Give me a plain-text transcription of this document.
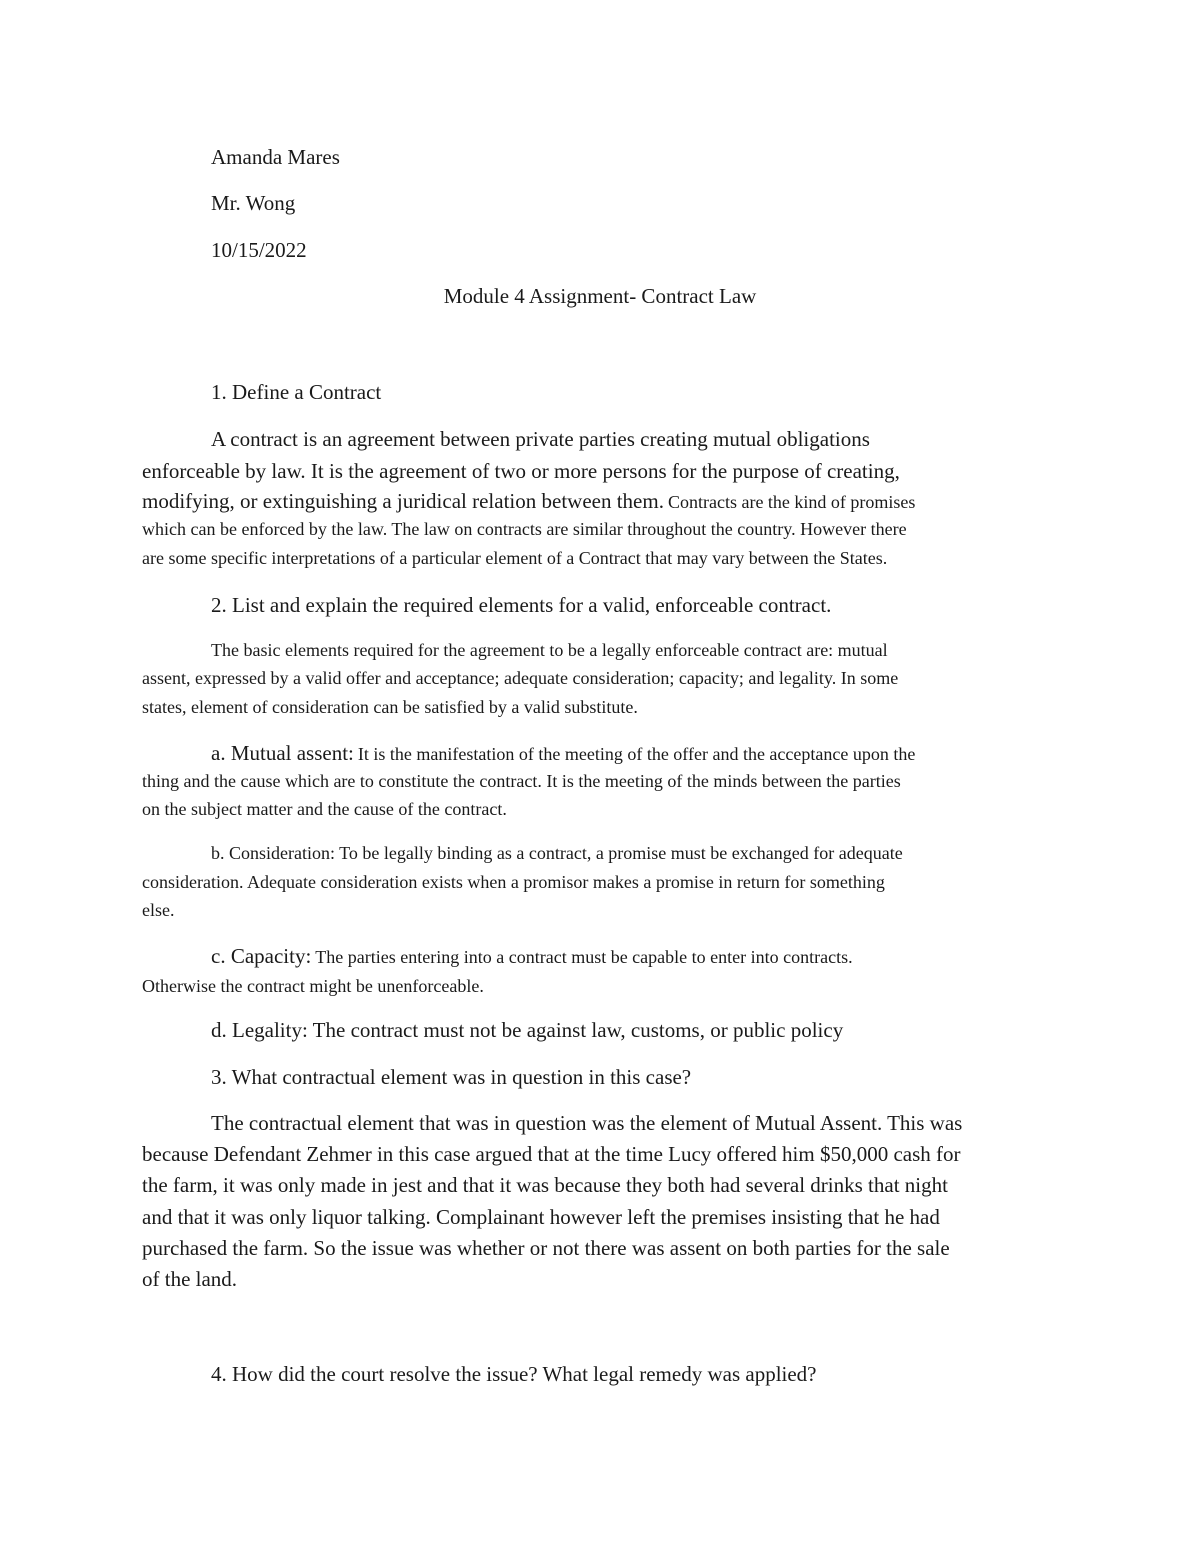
Amanda Mares

Mr. Wong

10/15/2022

Module 4 Assignment- Contract Law

1. Define a Contract

A contract is an agreement between private parties creating mutual obligations

enforceable by law. It is the agreement of two or more persons for the purpose of creating,

modifying, or extinguishing a juridical relation between them. Contracts are the kind of promises

which can be enforced by the law. The law on contracts are similar throughout the country. However there

are some specific interpretations of a particular element of a Contract that may vary between the States.

2. List and explain the required elements for a valid, enforceable contract.

The basic elements required for the agreement to be a legally enforceable contract are: mutual

assent, expressed by a valid offer and acceptance; adequate consideration; capacity; and legality. In some

states, element of consideration can be satisfied by a valid substitute.

a. Mutual assent: It is the manifestation of the meeting of the offer and the acceptance upon the

thing and the cause which are to constitute the contract. It is the meeting of the minds between the parties

on the subject matter and the cause of the contract.

b. Consideration: To be legally binding as a contract, a promise must be exchanged for adequate

consideration. Adequate consideration exists when a promisor makes a promise in return for something

else.

c. Capacity: The parties entering into a contract must be capable to enter into contracts.

Otherwise the contract might be unenforceable.

d. Legality: The contract must not be against law, customs, or public policy

3. What contractual element was in question in this case?

The contractual element that was in question was the element of Mutual Assent. This was

because Defendant Zehmer in this case argued that at the time Lucy offered him $50,000 cash for

the farm, it was only made in jest and that it was because they both had several drinks that night

and that it was only liquor talking. Complainant however left the premises insisting that he had

purchased the farm. So the issue was whether or not there was assent on both parties for the sale

of the land.

4. How did the court resolve the issue? What legal remedy was applied?
